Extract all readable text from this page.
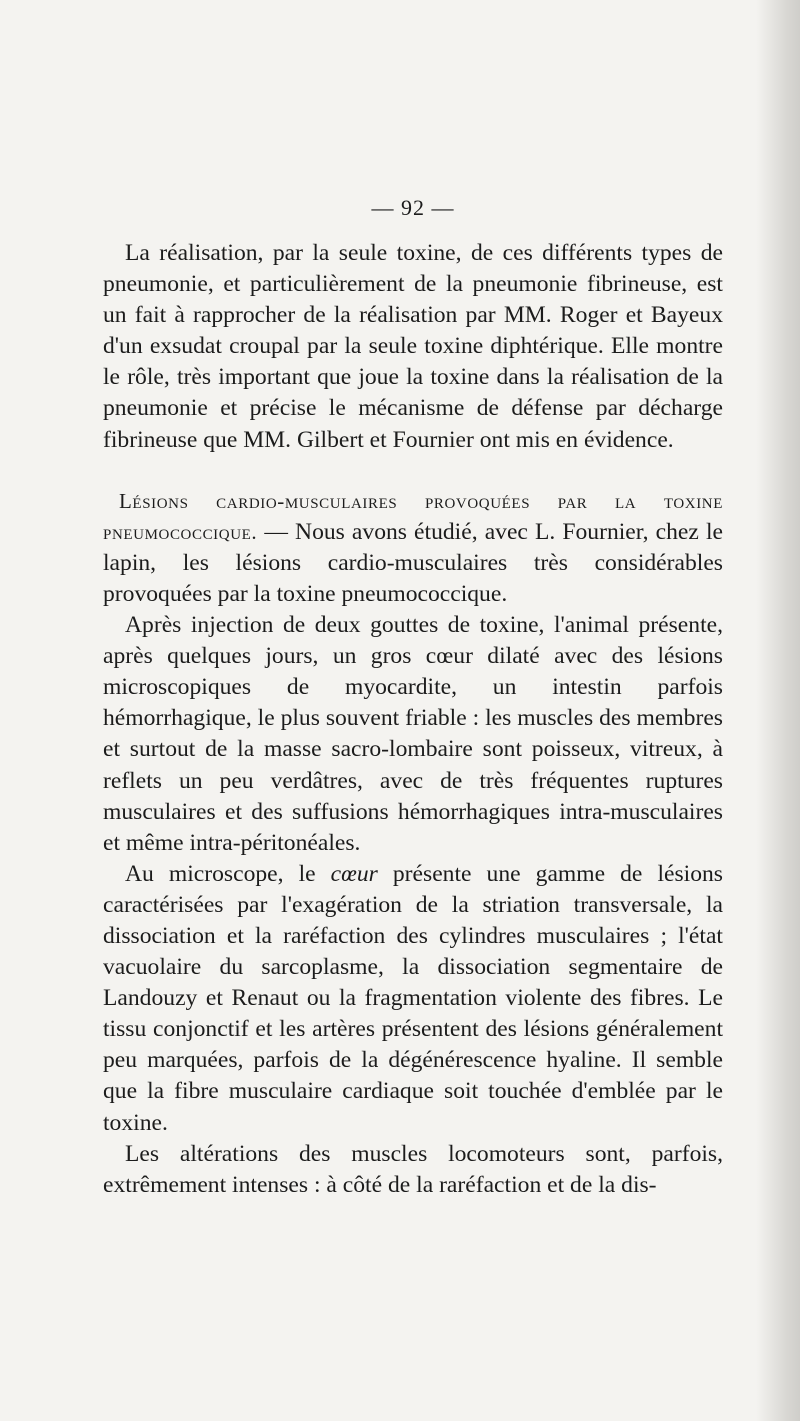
— 92 —

La réalisation, par la seule toxine, de ces différents types de pneumonie, et particulièrement de la pneumonie fibrineuse, est un fait à rapprocher de la réalisation par MM. Roger et Bayeux d'un exsudat croupal par la seule toxine diphtérique. Elle montre le rôle, très important que joue la toxine dans la réalisation de la pneumonie et précise le mécanisme de défense par décharge fibrineuse que MM. Gilbert et Fournier ont mis en évidence.

Lésions cardio-musculaires provoquées par la toxine pneumococcique. — Nous avons étudié, avec L. Fournier, chez le lapin, les lésions cardio-musculaires très considérables provoquées par la toxine pneumococcique.

Après injection de deux gouttes de toxine, l'animal présente, après quelques jours, un gros cœur dilaté avec des lésions microscopiques de myocardite, un intestin parfois hémorrhagique, le plus souvent friable : les muscles des membres et surtout de la masse sacro-lombaire sont poisseux, vitreux, à reflets un peu verdâtres, avec de très fréquentes ruptures musculaires et des suffusions hémorrhagiques intra-musculaires et même intra-péritonéales.

Au microscope, le cœur présente une gamme de lésions caractérisées par l'exagération de la striation transversale, la dissociation et la raréfaction des cylindres musculaires ; l'état vacuolaire du sarcoplasme, la dissociation segmentaire de Landouzy et Renaut ou la fragmentation violente des fibres. Le tissu conjonctif et les artères présentent des lésions généralement peu marquées, parfois de la dégénérescence hyaline. Il semble que la fibre musculaire cardiaque soit touchée d'emblée par le toxine.

Les altérations des muscles locomoteurs sont, parfois, extrêmement intenses : à côté de la raréfaction et de la dis-
